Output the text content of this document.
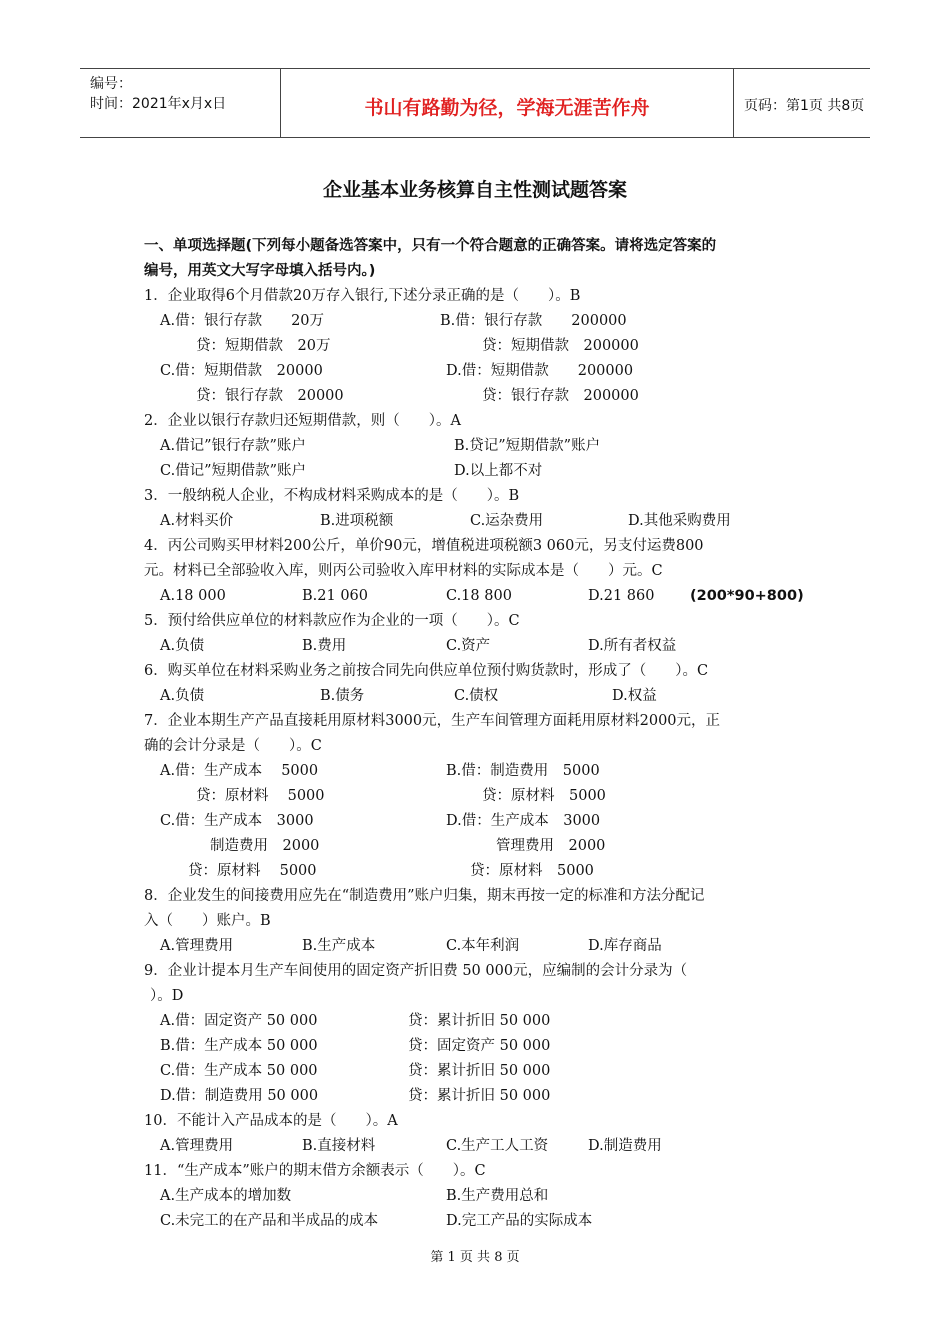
编号：
时间：2021年x月x日	书山有路勤为径，学海无涯苦作舟	页码：第1页 共8页
企业基本业务核算自主性测试题答案
一、单项选择题(下列每小题备选答案中，只有一个符合题意的正确答案。请将选定答案的
编号，用英文大写字母填入括号内。)
1．企业取得6个月借款20万存入银行,下述分录正确的是（　　）。B
A.借：银行存款　　20万	B.借：银行存款　　200000
贷：短期借款　20万	贷：短期借款　200000
C.借：短期借款　20000	D.借：短期借款　　200000
贷：银行存款　20000	贷：银行存款　200000
2．企业以银行存款归还短期借款，则（　　）。A
A.借记”银行存款”账户	B.贷记”短期借款”账户
C.借记”短期借款”账户	D.以上都不对
3．一般纳税人企业，不构成材料采购成本的是（　　）。B
A.材料买价	B.进项税额	C.运杂费用	D.其他采购费用
4．丙公司购买甲材料200公斤，单价90元，增值税进项税额3 060元，另支付运费800
元。材料已全部验收入库，则丙公司验收入库甲材料的实际成本是（　　）元。C
A.18 000	B.21 060	C.18 800	D.21 860 (200*90+800)
5．预付给供应单位的材料款应作为企业的一项（　　）。C
A.负债	B.费用	C.资产	D.所有者权益
6．购买单位在材料采购业务之前按合同先向供应单位预付购货款时，形成了（　　）。C
A.负债	B.债务	C.债权	D.权益
7．企业本期生产产品直接耗用原材料3000元，生产车间管理方面耗用原材料2000元，正
确的会计分录是（　　）。C
A.借：生产成本　 5000	B.借：制造费用　5000
贷：原材料　 5000	贷：原材料　5000
C.借：生产成本　3000	D.借：生产成本　3000
制造费用　2000	管理费用　2000
贷：原材料　 5000	贷：原材料　5000
8．企业发生的间接费用应先在“制造费用”账户归集，期末再按一定的标准和方法分配记
入（　　）账户。B
A.管理费用	B.生产成本	C.本年利润	D.库存商品
9．企业计提本月生产车间使用的固定资产折旧费 50 000元，应编制的会计分录为（
）。D
A.借：固定资产 50 000	贷：累计折旧 50 000
B.借：生产成本 50 000	贷：固定资产 50 000
C.借：生产成本 50 000	贷：累计折旧 50 000
D.借：制造费用 50 000	贷：累计折旧 50 000
10．不能计入产品成本的是（　　）。A
A.管理费用	B.直接材料	C.生产工人工资	D.制造费用
11．“生产成本”账户的期末借方余额表示（　　）。C
A.生产成本的增加数	B.生产费用总和
C.未完工的在产品和半成品的成本	D.完工产品的实际成本
第 1 页 共 8 页
